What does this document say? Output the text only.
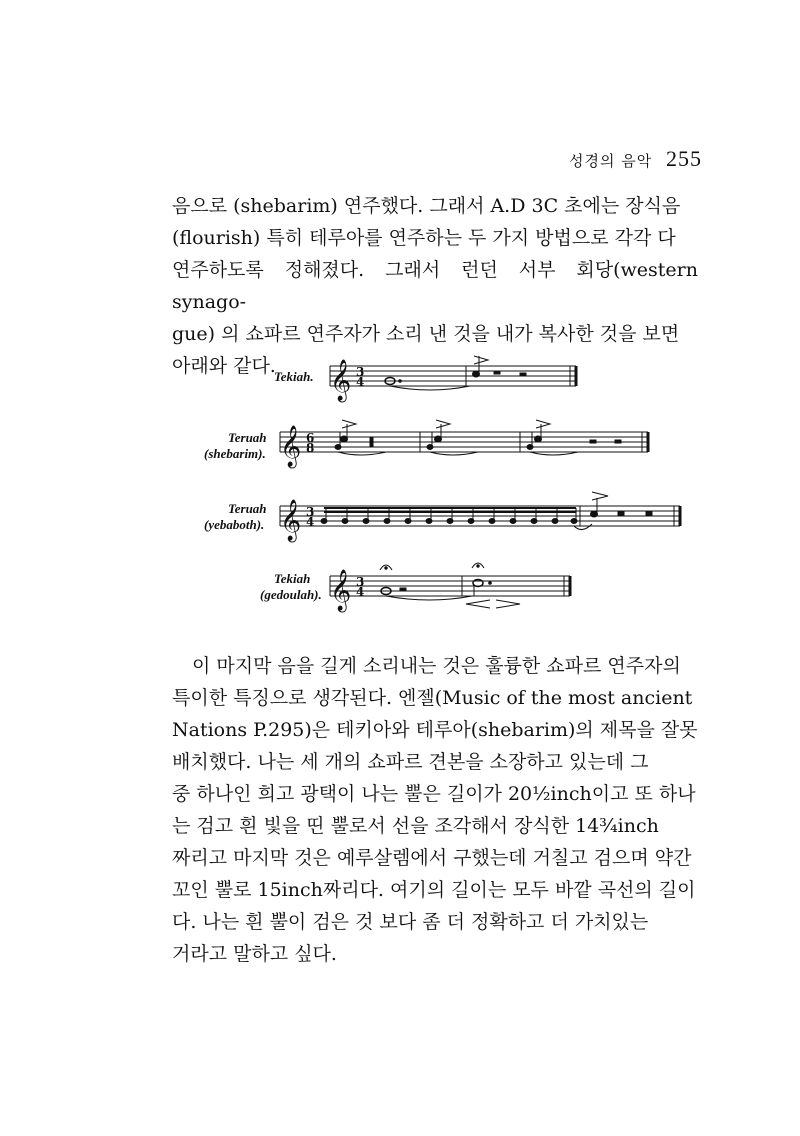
성경의 음악 255

음으로 (shebarim) 연주했다. 그래서 A.D 3C 초에는 장식음

(flourish) 특히 테루아를 연주하는 두 가지 방법으로 각각 다

연주하도록 정해졌다. 그래서 런던 서부 회당(western synago-

gue) 의 쇼파르 연주자가 소리 낸 것을 내가 복사한 것을 보면

아래와 같다.	𝄞
𝄞
𝄞
𝄞
3
4
6
8
3
4
3
4
Tekiah.
Teruah
(shebarim).
Teruah
(yebaboth).
Tekiah
(gedoulah).

이 마지막 음을 길게 소리내는 것은 훌륭한 쇼파르 연주자의

특이한 특징으로 생각된다. 엔젤(Music of the most ancient

Nations P.295)은 테키아와 테루아(shebarim)의 제목을 잘못

배치했다. 나는 세 개의 쇼파르 견본을 소장하고 있는데 그

중 하나인 희고 광택이 나는 뿔은 길이가 20½inch이고 또 하나

는 검고 흰 빛을 띤 뿔로서 선을 조각해서 장식한 14¾inch

짜리고 마지막 것은 예루살렘에서 구했는데 거칠고 검으며 약간

꼬인 뿔로 15inch짜리다. 여기의 길이는 모두 바깥 곡선의 길이

다. 나는 흰 뿔이 검은 것 보다 좀 더 정확하고 더 가치있는

거라고 말하고 싶다.
